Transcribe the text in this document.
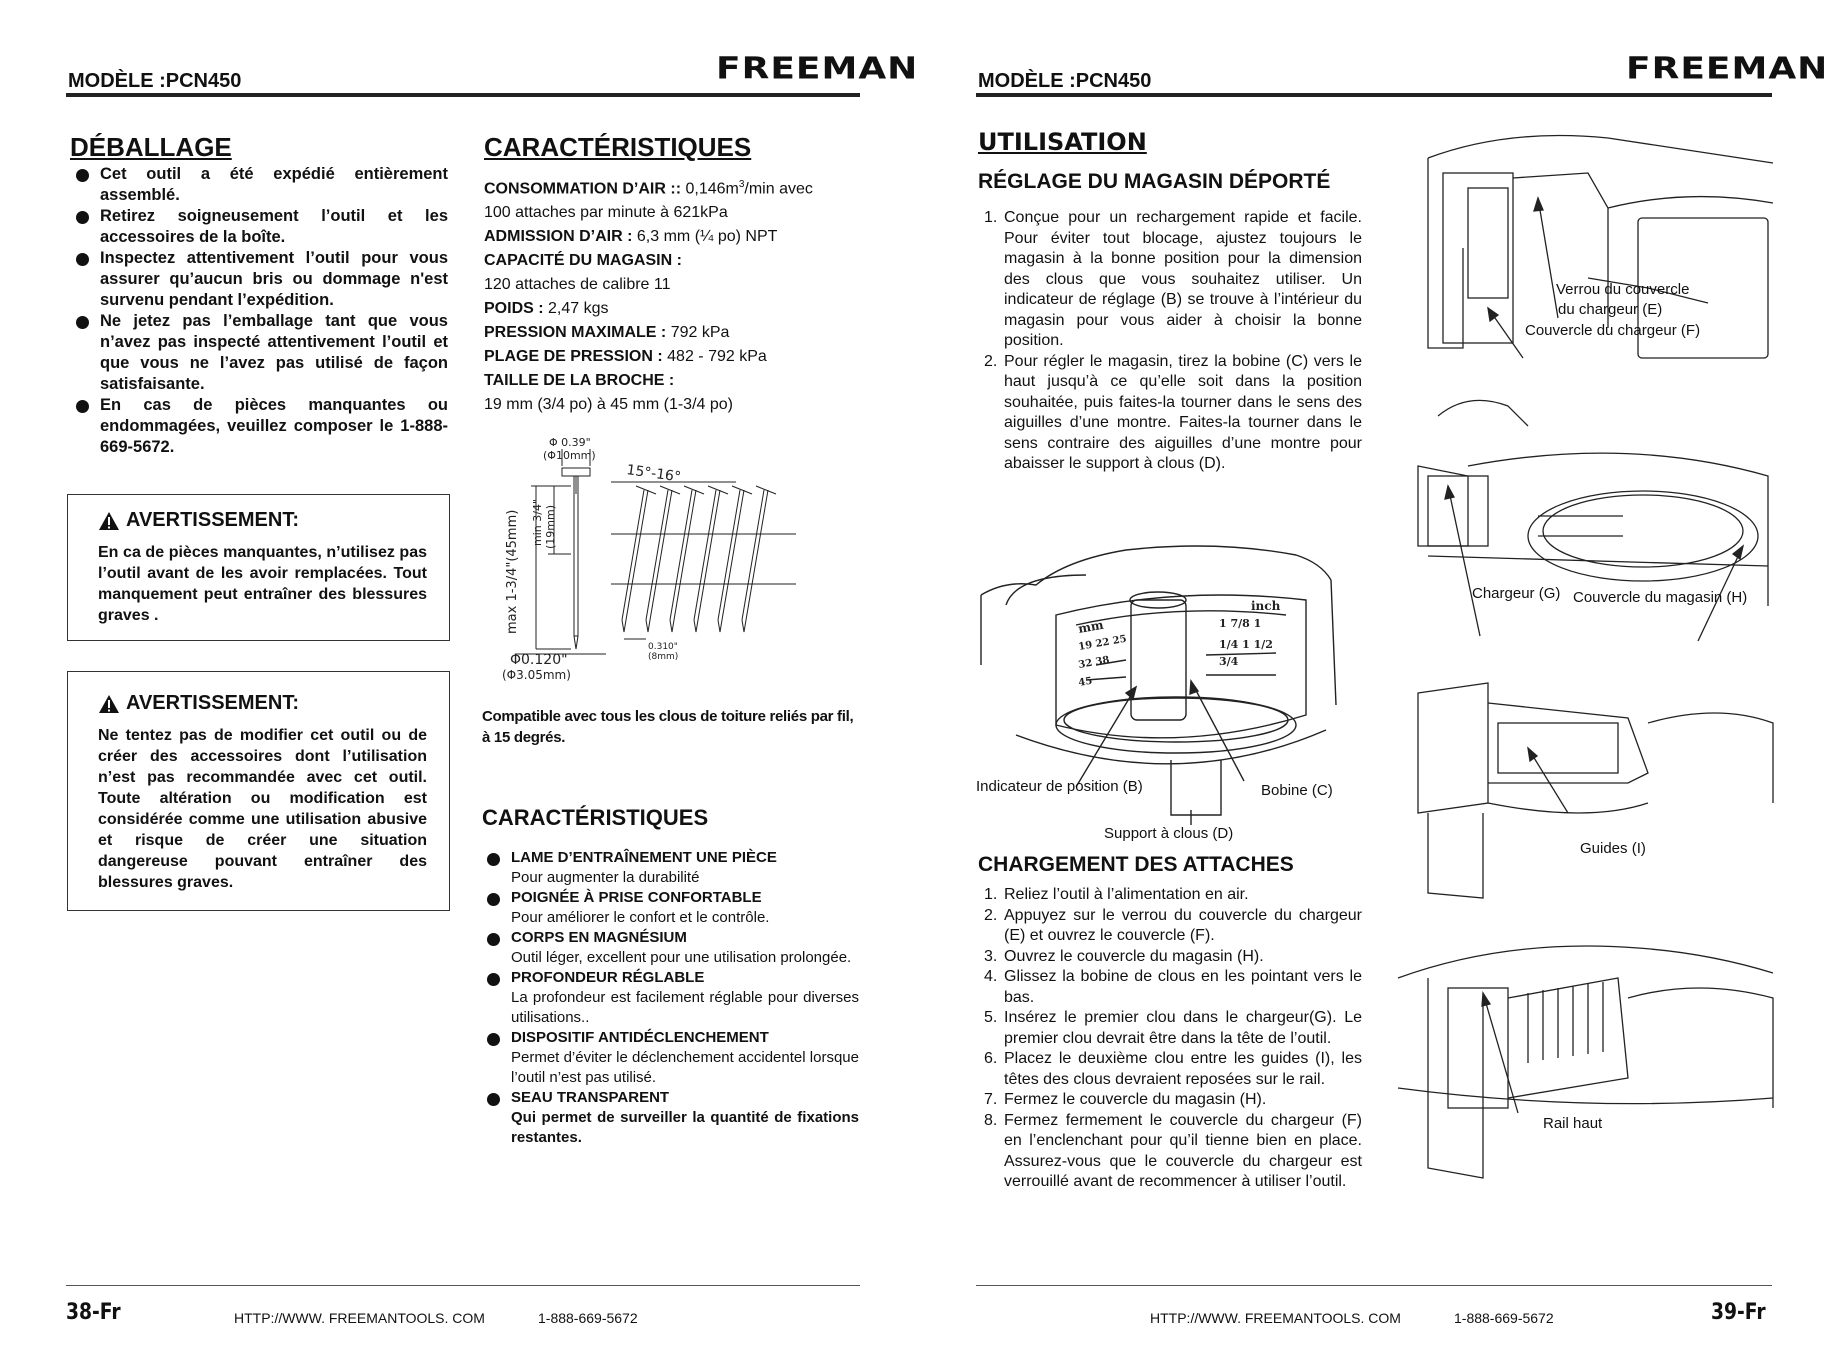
MODÈLE :PCN450	FREEMAN
DÉBALLAGE
Cet outil a été expédié entièrement assemblé.
Retirez soigneusement l’outil et les accessoires de la boîte.
Inspectez attentivement l’outil pour vous assurer qu’aucun bris ou dommage n'est survenu pendant l’expédition.
Ne jetez pas l’emballage tant que vous n’avez pas inspecté attentivement l’outil et que vous ne l’avez pas utilisé de façon satisfaisante.
En cas de pièces manquantes ou endommagées, veuillez composer le 1-888-669-5672.
AVERTISSEMENT:
En ca de pièces manquantes, n’utilisez pas l’outil avant de les avoir remplacées. Tout manquement peut entraîner des blessures graves .
AVERTISSEMENT:
Ne tentez pas de modifier cet outil ou de créer des accessoires dont l’utilisation n’est pas recommandée avec cet outil. Toute altération ou modification est considérée comme une utilisation abusive et risque de créer une situation dangereuse pouvant entraîner des blessures graves.
CARACTÉRISTIQUES
CONSOMMATION D’AIR :: $0,146m^3/\min$ avec
100 attaches par minute à 621kPa
ADMISSION D’AIR : 6,3 mm (¼ po) NPT
CAPACITÉ DU MAGASIN :
120 attaches de calibre 11
POIDS : 2,47 kgs
PRESSION MAXIMALE : 792 kPa
PLAGE DE PRESSION : 482 - 792 kPa
TAILLE DE LA BROCHE :
19 mm (3/4 po) à 45 mm (1-3/4 po)
Φ 0.39"
(Φ10mm)
15°-16°
max 1-3/4"(45mm) min 3/4" (19mm)
Φ0.120"
(Φ3.05mm)
0.310"
(8mm)
Compatible avec tous les clous de toiture reliés par fil, à 15 degrés.
CARACTÉRISTIQUES
LAME D’ENTRAÎNEMENT UNE PIÈCE
Pour augmenter la durabilité
POIGNÉE À PRISE CONFORTABLE
Pour améliorer le confort et le contrôle.
CORPS EN MAGNÉSIUM
Outil léger, excellent pour une utilisation prolongée.
PROFONDEUR RÉGLABLE
La profondeur est facilement réglable pour diverses utilisations..
DISPOSITIF ANTIDÉCLENCHEMENT
Permet d’éviter le déclenchement accidentel lorsque l’outil n’est pas utilisé.
SEAU TRANSPARENT
Qui permet de surveiller la quantité de fixations restantes.
38-Fr	HTTP://WWW. FREEMANTOOLS. COM	1-888-669-5672
MODÈLE :PCN450	FREEMAN
UTILISATION
RÉGLAGE DU MAGASIN DÉPORTÉ
1. Conçue pour un rechargement rapide et facile. Pour éviter tout blocage, ajustez toujours le magasin à la bonne position pour la dimension des clous que vous souhaitez utiliser. Un indicateur de réglage (B) se trouve à l’intérieur du magasin pour vous aider à choisir la bonne position.
2. Pour régler le magasin, tirez la bobine (C) vers le haut jusqu’à ce qu’elle soit dans la position souhaitée, puis faites-la tourner dans le sens des aiguilles d’une montre. Faites-la tourner dans le sens contraire des aiguilles d’une montre pour abaisser le support à clous (D).
inch
mm	1 7/8 1
1/4 1 1/2
3/4
19 22 25
32 38
45
Indicateur de position (B)	Bobine (C)
Support à clous (D)
CHARGEMENT DES ATTACHES
1. Reliez l’outil à l’alimentation en air.
2. Appuyez sur le verrou du couvercle du chargeur (E) et ouvrez le couvercle (F).
3. Ouvrez le couvercle du magasin (H).
4. Glissez la bobine de clous en les pointant vers le bas.
5. Insérez le premier clou dans le chargeur(G). Le premier clou devrait être dans la tête de l’outil.
6. Placez le deuxième clou entre les guides (I), les têtes des clous devraient reposées sur le rail.
7. Fermez le couvercle du magasin (H).
8. Fermez fermement le couvercle du chargeur (F) en l’enclenchant pour qu’il tienne bien en place. Assurez-vous que le couvercle du chargeur est verrouillé avant de recommencer à utiliser l’outil.
Verrou du couvercle
du chargeur (E)
Couvercle du chargeur (F)
Chargeur (G) Couvercle du magasin (H)
Guides (I)
Rail haut
HTTP://WWW. FREEMANTOOLS. COM	1-888-669-5672	39-Fr
